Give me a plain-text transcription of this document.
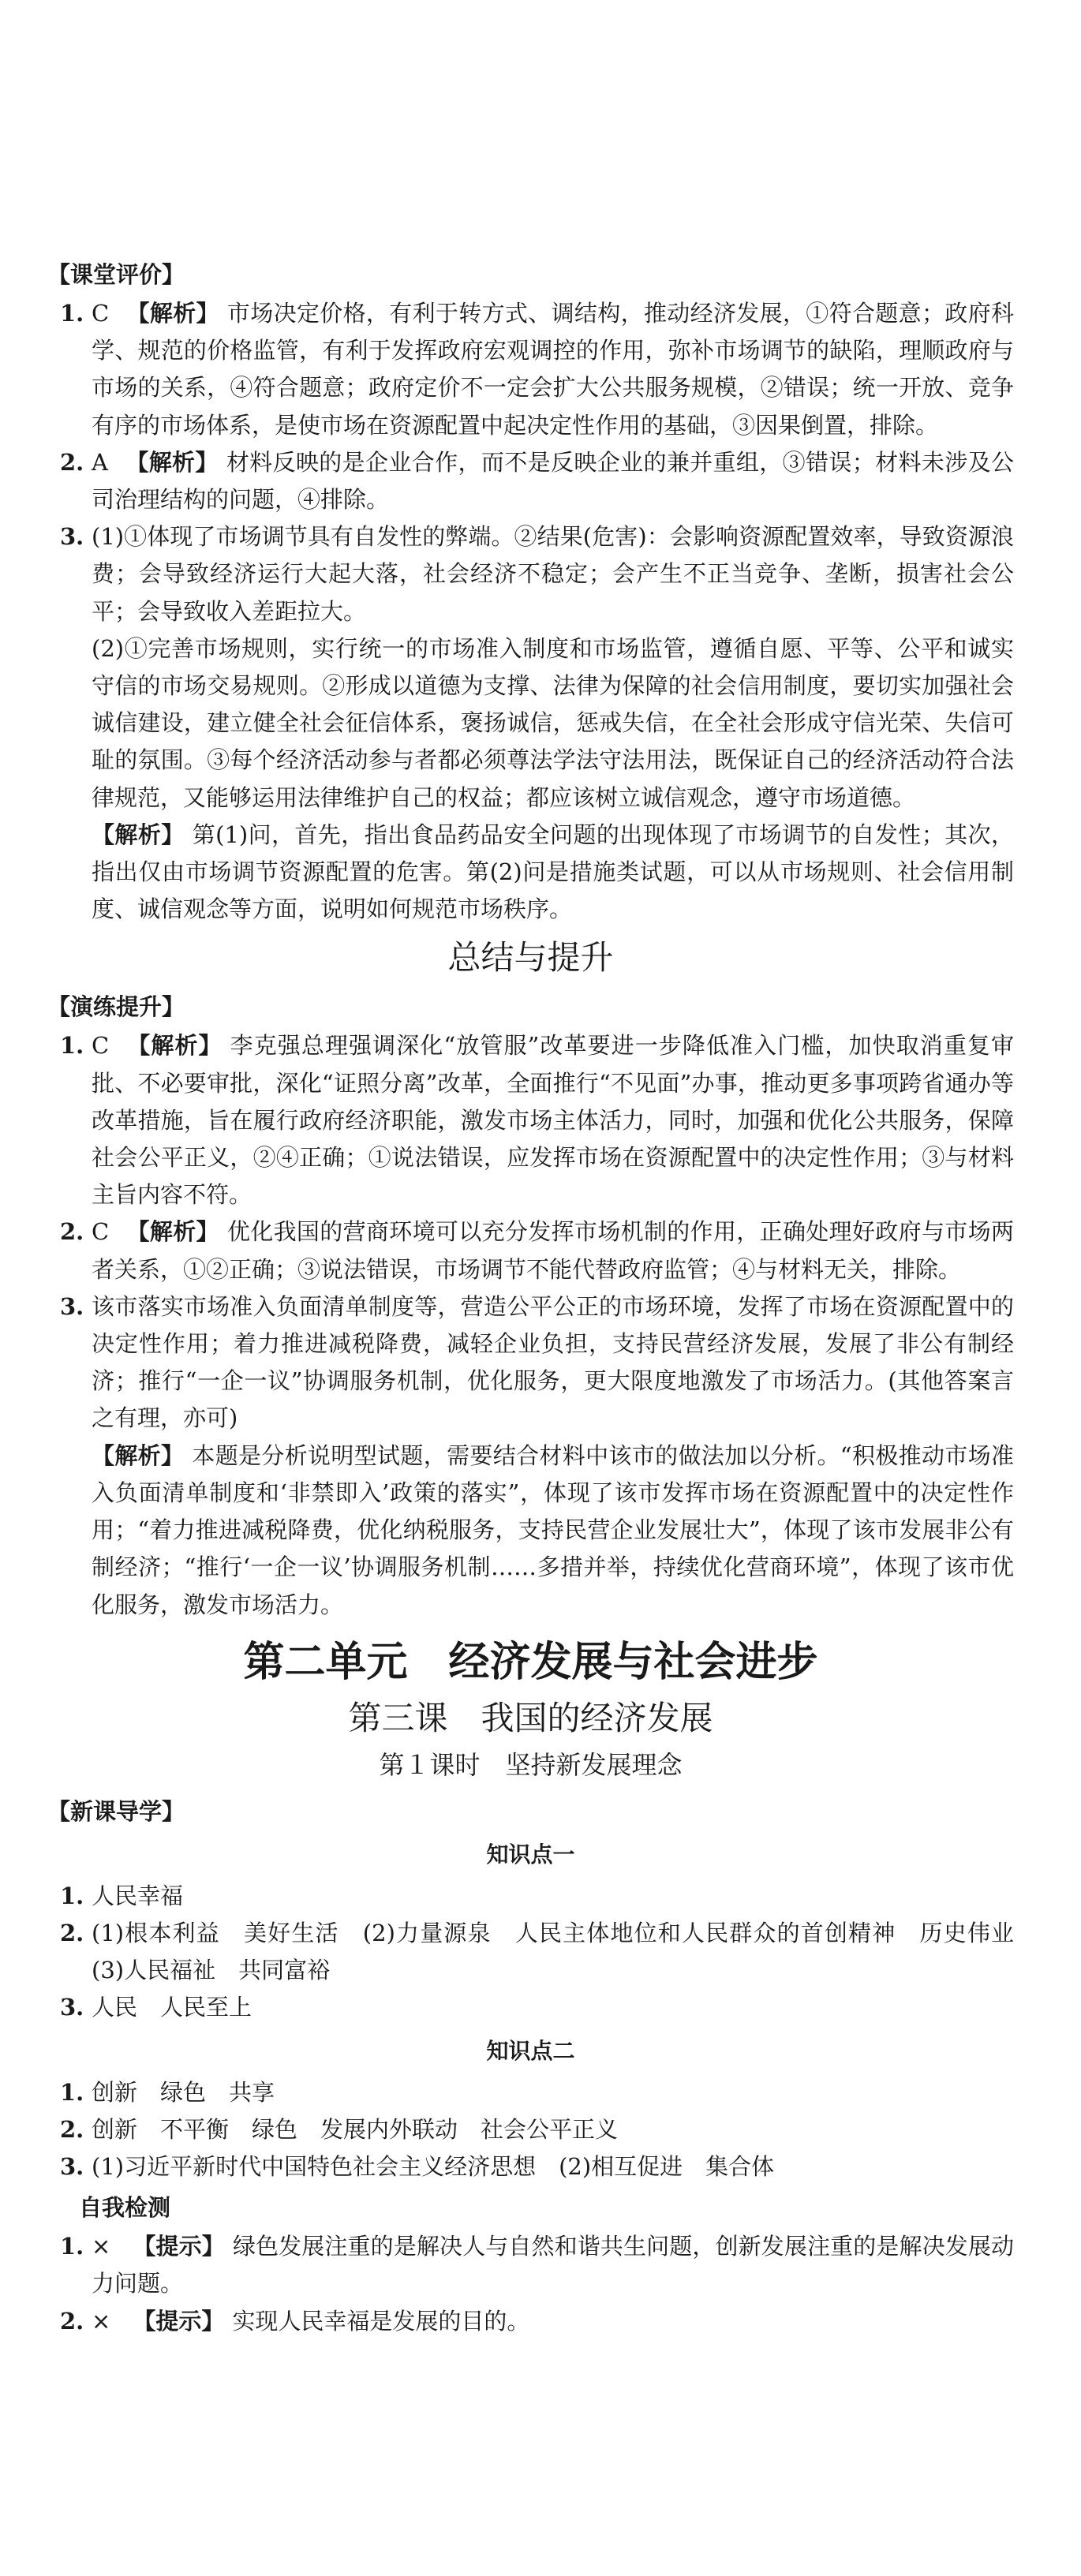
【课堂评价】

1. C 【解析】 市场决定价格，有利于转方式、调结构，推动经济发展，①符合题意；政府科学、规范的价格监管，有利于发挥政府宏观调控的作用，弥补市场调节的缺陷，理顺政府与市场的关系，④符合题意；政府定价不一定会扩大公共服务规模，②错误；统一开放、竞争有序的市场体系，是使市场在资源配置中起决定性作用的基础，③因果倒置，排除。

2. A 【解析】 材料反映的是企业合作，而不是反映企业的兼并重组，③错误；材料未涉及公司治理结构的问题，④排除。

3. (1)①体现了市场调节具有自发性的弊端。②结果(危害)：会影响资源配置效率，导致资源浪费；会导致经济运行大起大落，社会经济不稳定；会产生不正当竞争、垄断，损害社会公平；会导致收入差距拉大。

(2)①完善市场规则，实行统一的市场准入制度和市场监管，遵循自愿、平等、公平和诚实守信的市场交易规则。②形成以道德为支撑、法律为保障的社会信用制度，要切实加强社会诚信建设，建立健全社会征信体系，褒扬诚信，惩戒失信，在全社会形成守信光荣、失信可耻的氛围。③每个经济活动参与者都必须尊法学法守法用法，既保证自己的经济活动符合法律规范，又能够运用法律维护自己的权益；都应该树立诚信观念，遵守市场道德。

【解析】 第(1)问，首先，指出食品药品安全问题的出现体现了市场调节的自发性；其次，指出仅由市场调节资源配置的危害。第(2)问是措施类试题，可以从市场规则、社会信用制度、诚信观念等方面，说明如何规范市场秩序。

总结与提升
【演练提升】

1. C 【解析】 李克强总理强调深化“放管服”改革要进一步降低准入门槛，加快取消重复审批、不必要审批，深化“证照分离”改革，全面推行“不见面”办事，推动更多事项跨省通办等改革措施，旨在履行政府经济职能，激发市场主体活力，同时，加强和优化公共服务，保障社会公平正义，②④正确；①说法错误，应发挥市场在资源配置中的决定性作用；③与材料主旨内容不符。

2. C 【解析】 优化我国的营商环境可以充分发挥市场机制的作用，正确处理好政府与市场两者关系，①②正确；③说法错误，市场调节不能代替政府监管；④与材料无关，排除。

3. 该市落实市场准入负面清单制度等，营造公平公正的市场环境，发挥了市场在资源配置中的决定性作用；着力推进减税降费，减轻企业负担，支持民营经济发展，发展了非公有制经济；推行“一企一议”协调服务机制，优化服务，更大限度地激发了市场活力。(其他答案言之有理，亦可)

【解析】 本题是分析说明型试题，需要结合材料中该市的做法加以分析。“积极推动市场准入负面清单制度和‘非禁即入’政策的落实”，体现了该市发挥市场在资源配置中的决定性作用；“着力推进减税降费，优化纳税服务，支持民营企业发展壮大”，体现了该市发展非公有制经济；“推行‘一企一议’协调服务机制……多措并举，持续优化营商环境”，体现了该市优化服务，激发市场活力。

第二单元　经济发展与社会进步
第三课　我国的经济发展
第１课时　坚持新发展理念
【新课导学】
知识点一

1. 人民幸福

2. (1)根本利益　美好生活　(2)力量源泉　人民主体地位和人民群众的首创精神　历史伟业　(3)人民福祉　共同富裕

3. 人民　人民至上

知识点二

1. 创新　绿色　共享

2. 创新　不平衡　绿色　发展内外联动　社会公平正义

3. (1)习近平新时代中国特色社会主义经济思想　(2)相互促进　集合体

自我检测

1. × 【提示】 绿色发展注重的是解决人与自然和谐共生问题，创新发展注重的是解决发展动力问题。

2. × 【提示】 实现人民幸福是发展的目的。
